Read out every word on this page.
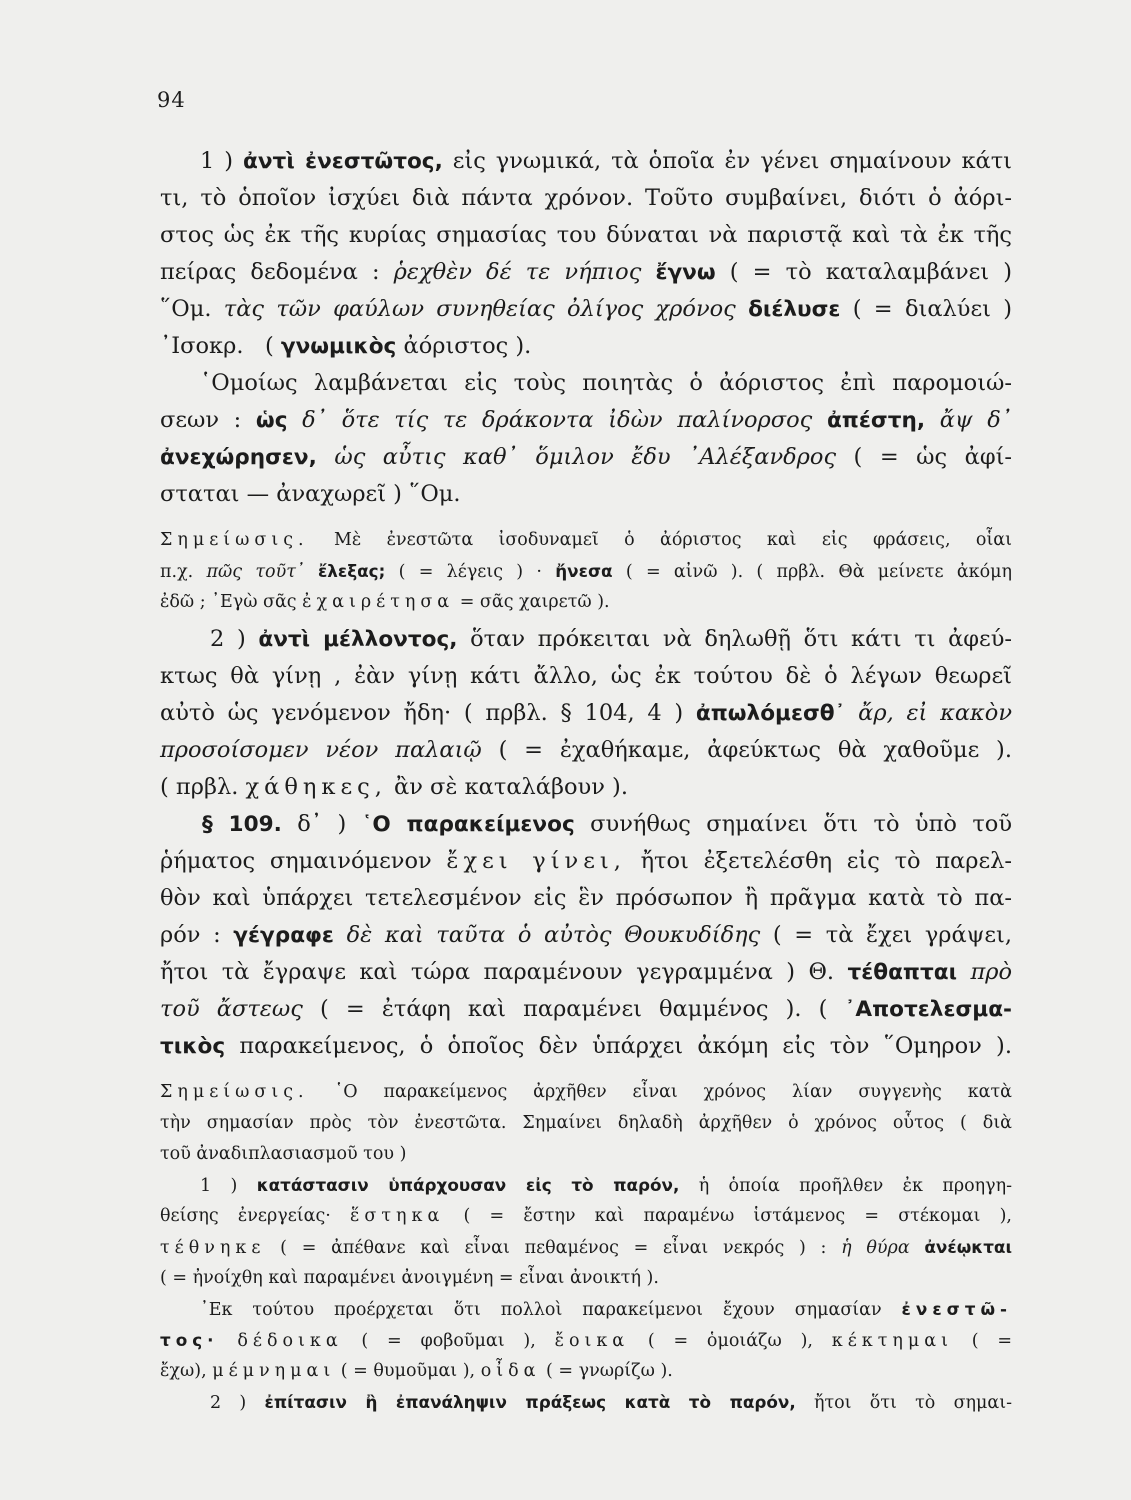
94
1 ) ἀντὶ ἐνεστῶτος, εἰς γνωμικά, τὰ ὁποῖα ἐν γένει σημαίνουν κάτι
τι, τὸ ὁποῖον ἰσχύει διὰ πάντα χρόνον. Τοῦτο συμβαίνει, διότι ὁ ἀόρι-
στος ὡς ἐκ τῆς κυρίας σημασίας του δύναται νὰ παριστᾷ καὶ τὰ ἐκ τῆς
πείρας δεδομένα : ῥεχθὲν δέ τε νήπιος ἔγνω ( = τὸ καταλαμβάνει )
῞Ομ. τὰς τῶν φαύλων συνηθείας ὀλίγος χρόνος διέλυσε ( = διαλύει )
᾿Ισοκρ.   ( γνωμικὸς ἀόριστος ).
῾Ομοίως λαμβάνεται εἰς τοὺς ποιητὰς ὁ ἀόριστος ἐπὶ παρομοιώ-
σεων : ὡς δ᾿ ὅτε τίς τε δράκοντα ἰδὼν παλίνορσος ἀπέστη, ἄψ δ᾿
ἀνεχώρησεν, ὡς αὖτις καθ᾿ ὅμιλον ἔδυ ᾿Αλέξανδρος ( = ὡς ἀφί-
σταται — ἀναχωρεῖ ) ῞Ομ.
Σημείωσις. Μὲ ἐνεστῶτα ἰσοδυναμεῖ ὁ ἀόριστος καὶ εἰς φράσεις, οἷαι
π.χ. πῶς τοῦτ᾿ ἔλεξας; ( = λέγεις ) · ἤνεσα ( = αἰνῶ ). ( πρβλ. Θὰ μείνετε ἀκόμη
ἐδῶ ; ᾿Εγὼ σᾶς ἐχαιρέτησα = σᾶς χαιρετῶ ).
2 ) ἀντὶ μέλλοντος, ὅταν πρόκειται νὰ δηλωθῇ ὅτι κάτι τι ἀφεύ-
κτως θὰ γίνῃ , ἐὰν γίνῃ κάτι ἄλλο, ὡς ἐκ τούτου δὲ ὁ λέγων θεωρεῖ
αὐτὸ ὡς γενόμενον ἤδη· ( πρβλ. § 104, 4 ) ἀπωλόμεσθ᾿ ἄρ, εἰ κακὸν
προσοίσομεν νέον παλαιῷ ( = ἐχαθήκαμε, ἀφεύκτως θὰ χαθοῦμε ).
( πρβλ. χάθηκες, ἂν σὲ καταλάβουν ).
§ 109. δ᾿ ) ῾Ο παρακείμενος συνήθως σημαίνει ὅτι τὸ ὑπὸ τοῦ
ῥήματος σημαινόμενον ἔχει γίνει, ἤτοι ἐξετελέσθη εἰς τὸ παρελ-
θὸν καὶ ὑπάρχει τετελεσμένον εἰς ἓν πρόσωπον ἢ πρᾶγμα κατὰ τὸ πα-
ρόν : γέγραφε δὲ καὶ ταῦτα ὁ αὐτὸς Θουκυδίδης ( = τὰ ἔχει γράψει,
ἤτοι τὰ ἔγραψε καὶ τώρα παραμένουν γεγραμμένα ) Θ. τέθαπται πρὸ
τοῦ ἄστεως ( = ἐτάφη καὶ παραμένει θαμμένος ). ( ᾿Αποτελεσμα-
τικὸς παρακείμενος, ὁ ὁποῖος δὲν ὑπάρχει ἀκόμη εἰς τὸν ῞Ομηρον ).
Σημείωσις. ῾Ο παρακείμενος ἀρχῆθεν εἶναι χρόνος λίαν συγγενὴς κατὰ
τὴν σημασίαν πρὸς τὸν ἐνεστῶτα. Σημαίνει δηλαδὴ ἀρχῆθεν ὁ χρόνος οὗτος ( διὰ
τοῦ ἀναδιπλασιασμοῦ του )
1 ) κατάστασιν ὑπάρχουσαν εἰς τὸ παρόν, ἡ ὁποία προῆλθεν ἐκ προηγη-
θείσης ἐνεργείας· ἕστηκα ( = ἔστην καὶ παραμένω ἱστάμενος = στέκομαι ),
τέθνηκε ( = ἀπέθανε καὶ εἶναι πεθαμένος = εἶναι νεκρός ) : ἡ θύρα ἀνέῳκται
( = ἠνοίχθη καὶ παραμένει ἀνοιγμένη = εἶναι ἀνοικτή ).
᾿Εκ τούτου προέρχεται ὅτι πολλοὶ παρακείμενοι ἔχουν σημασίαν ἐνεστῶ-
τος· δέδοικα ( = φοβοῦμαι ), ἔοικα ( = ὁμοιάζω ), κέκτημαι ( =
ἔχω), μέμνημαι ( = θυμοῦμαι ), οἶδα ( = γνωρίζω ).
2 ) ἐπίτασιν ἢ ἐπανάληψιν πράξεως κατὰ τὸ παρόν, ἤτοι ὅτι τὸ σημαι-
